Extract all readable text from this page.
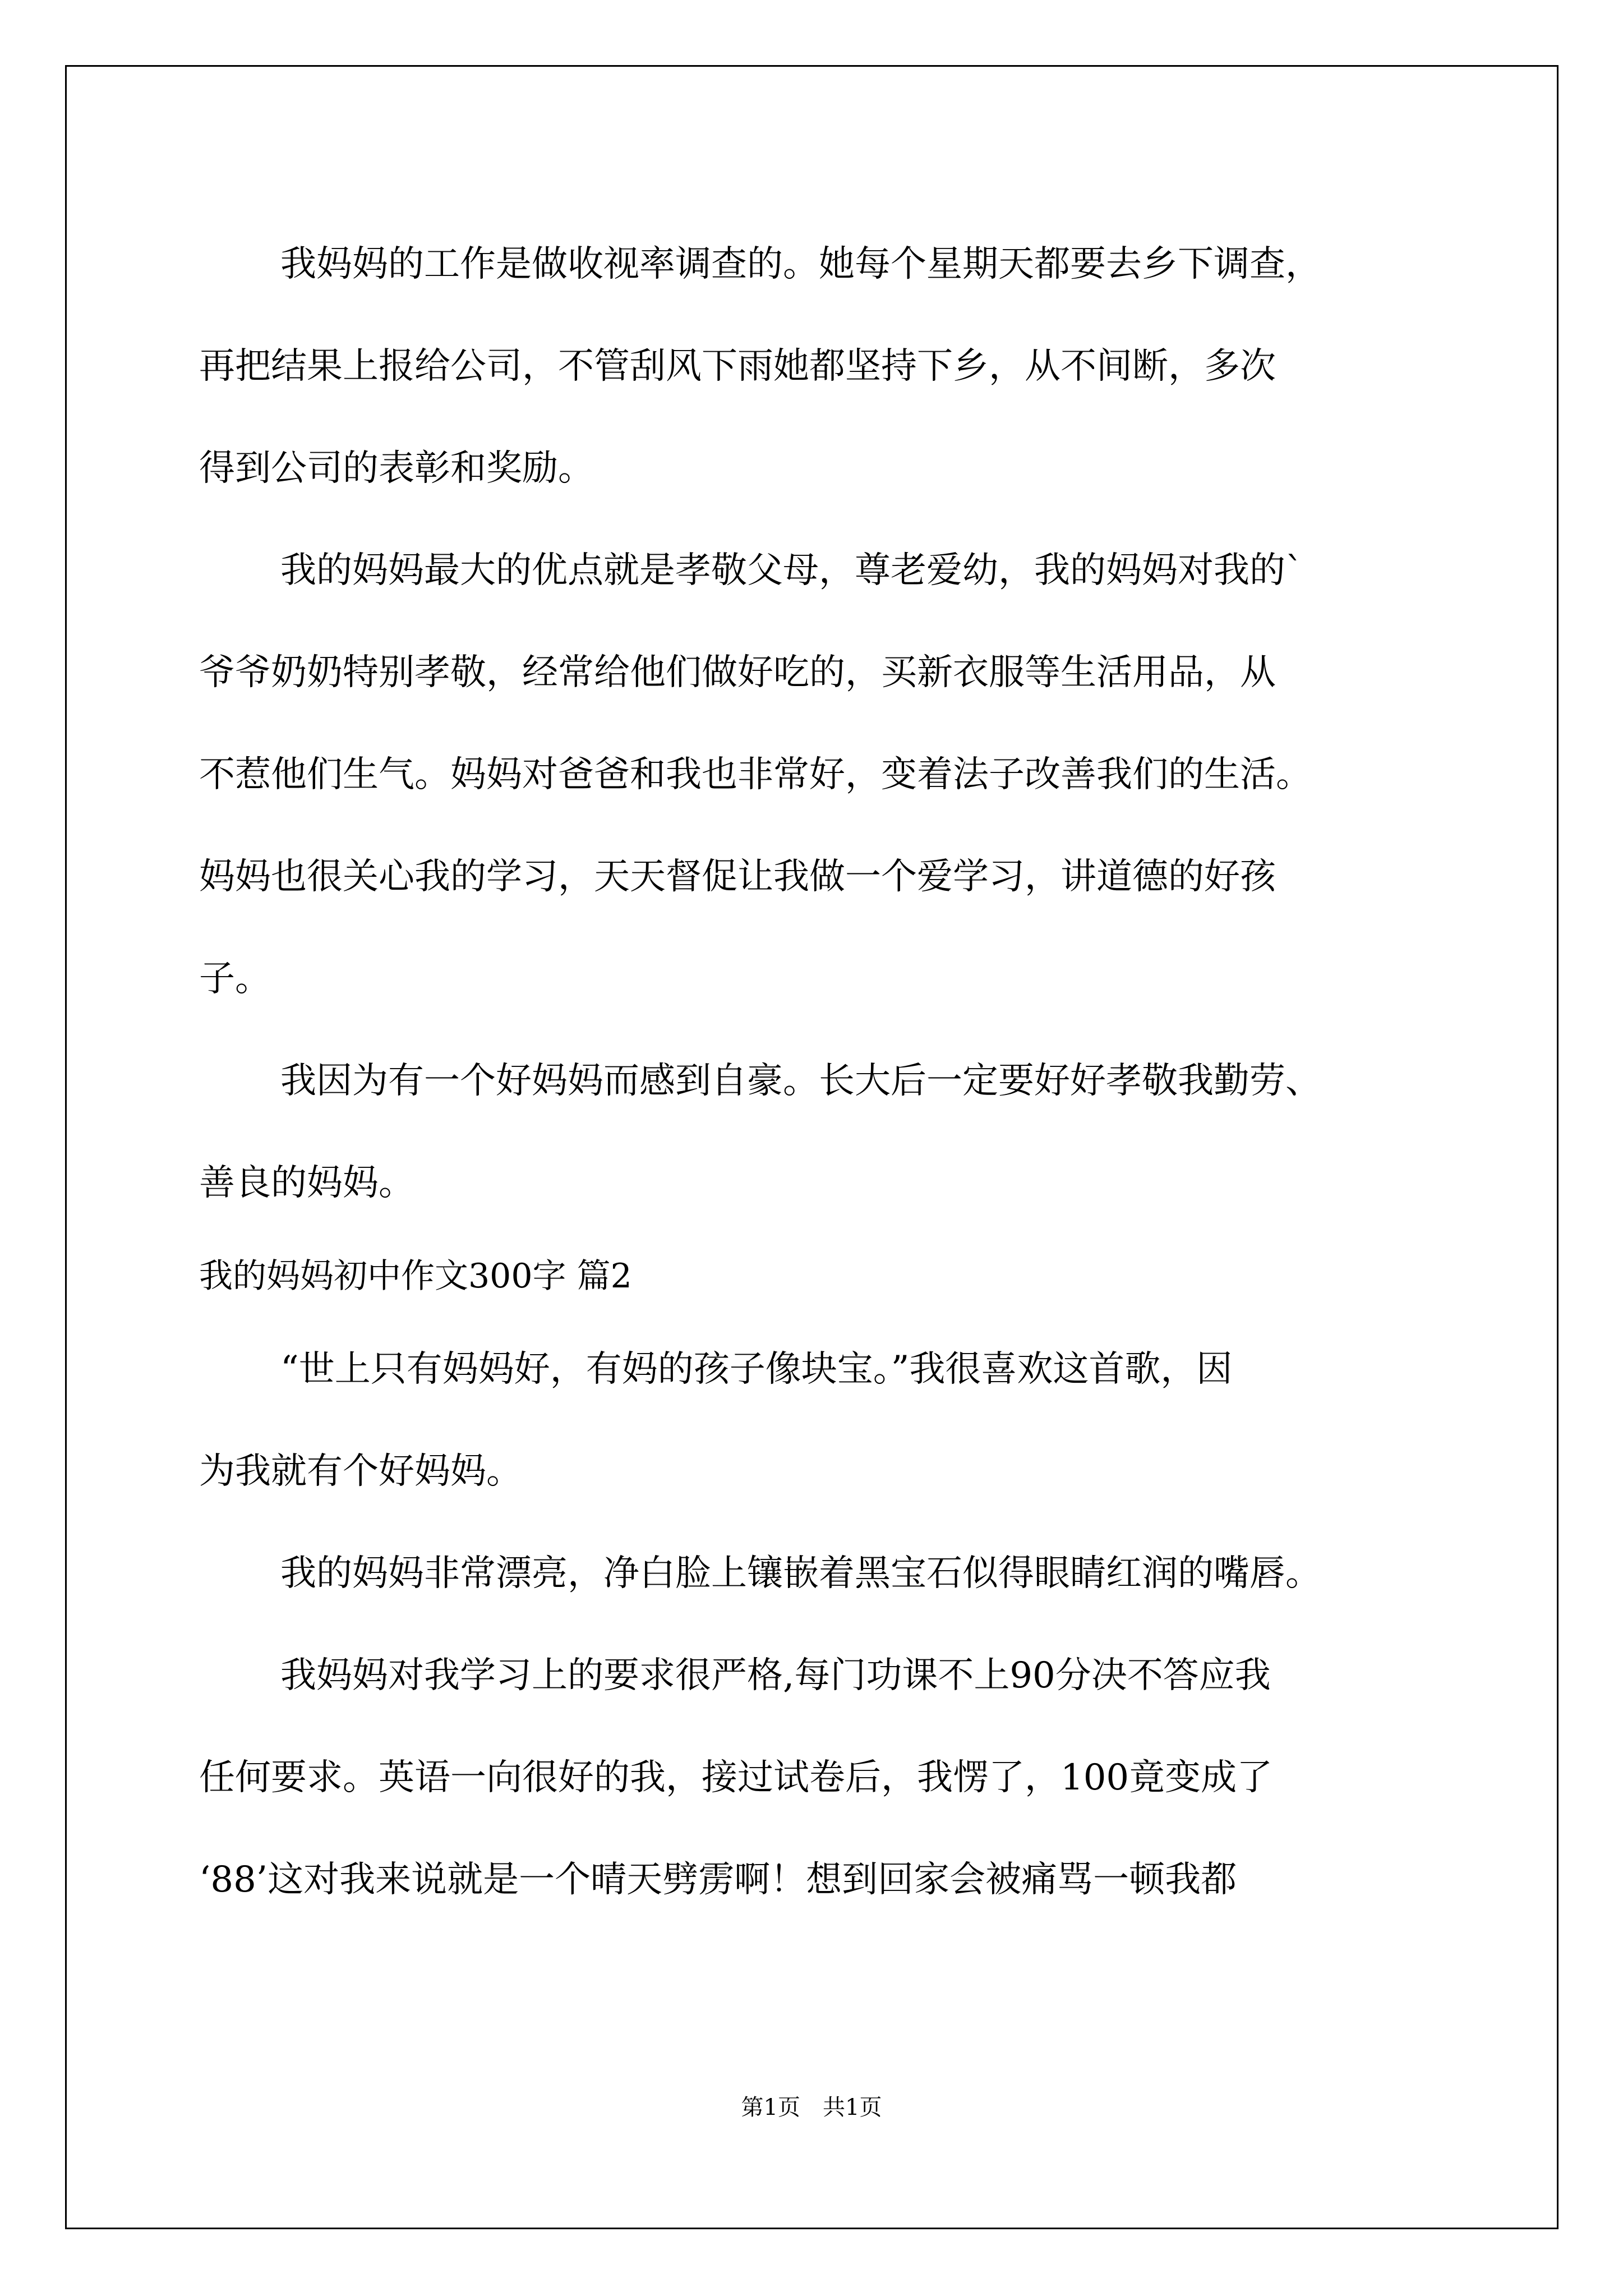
我妈妈的工作是做收视率调查的。她每个星期天都要去乡下调查，
再把结果上报给公司，不管刮风下雨她都坚持下乡，从不间断，多次
得到公司的表彰和奖励。
我的妈妈最大的优点就是孝敬父母，尊老爱幼，我的妈妈对我的`
爷爷奶奶特别孝敬，经常给他们做好吃的，买新衣服等生活用品，从
不惹他们生气。妈妈对爸爸和我也非常好，变着法子改善我们的生活。
妈妈也很关心我的学习，天天督促让我做一个爱学习，讲道德的好孩
子。
我因为有一个好妈妈而感到自豪。长大后一定要好好孝敬我勤劳、
善良的妈妈。
我的妈妈初中作文300字 篇2
“世上只有妈妈好，有妈的孩子像块宝。”我很喜欢这首歌，因
为我就有个好妈妈。
我的妈妈非常漂亮，净白脸上镶嵌着黑宝石似得眼睛红润的嘴唇。
我妈妈对我学习上的要求很严格,每门功课不上90分决不答应我
任何要求。英语一向很好的我，接过试卷后，我愣了，100竟变成了
‘88’这对我来说就是一个晴天劈雳啊！想到回家会被痛骂一顿我都
第1页 共1页
